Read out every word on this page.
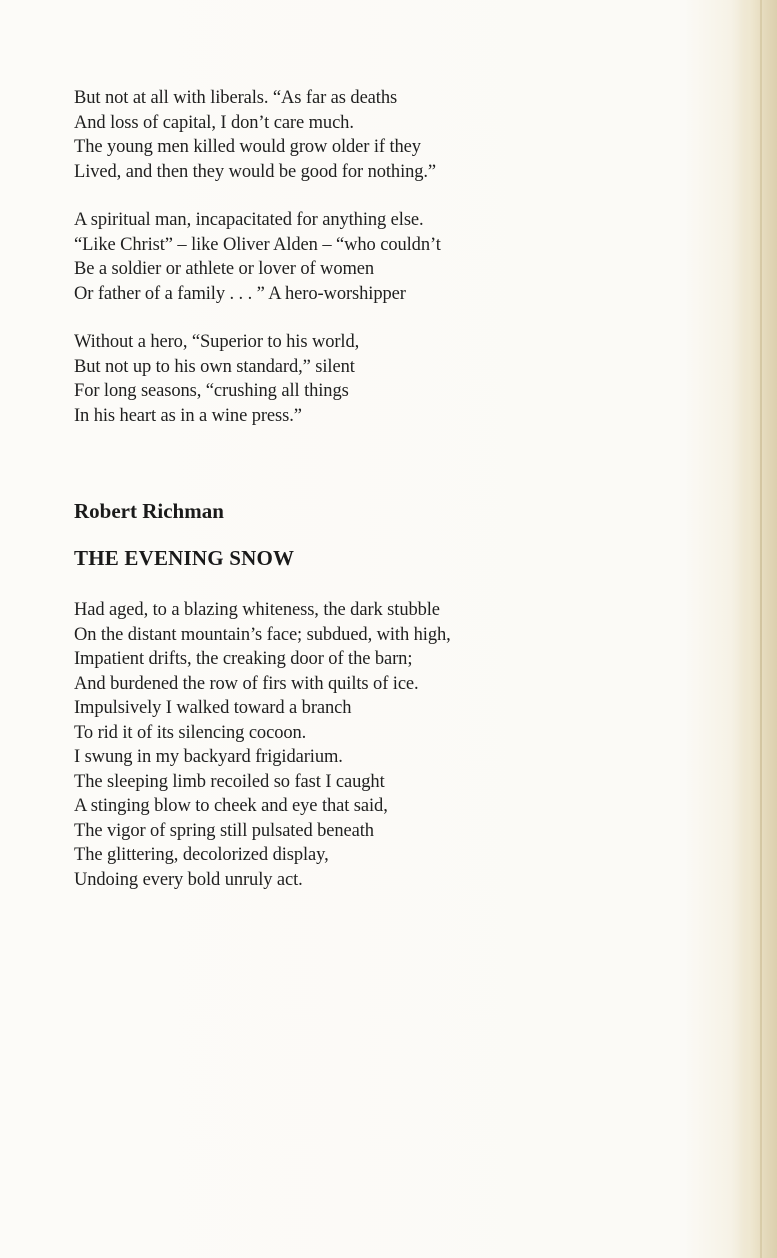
But not at all with liberals. “As far as deaths
And loss of capital, I don’t care much.
The young men killed would grow older if they
Lived, and then they would be good for nothing.”
A spiritual man, incapacitated for anything else.
“Like Christ” – like Oliver Alden – “who couldn’t
Be a soldier or athlete or lover of women
Or father of a family . . . ” A hero-worshipper
Without a hero, “Superior to his world,
But not up to his own standard,” silent
For long seasons, “crushing all things
In his heart as in a wine press.”
Robert Richman
THE EVENING SNOW
Had aged, to a blazing whiteness, the dark stubble
On the distant mountain’s face; subdued, with high,
Impatient drifts, the creaking door of the barn;
And burdened the row of firs with quilts of ice.
Impulsively I walked toward a branch
To rid it of its silencing cocoon.
I swung in my backyard frigidarium.
The sleeping limb recoiled so fast I caught
A stinging blow to cheek and eye that said,
The vigor of spring still pulsated beneath
The glittering, decolorized display,
Undoing every bold unruly act.
